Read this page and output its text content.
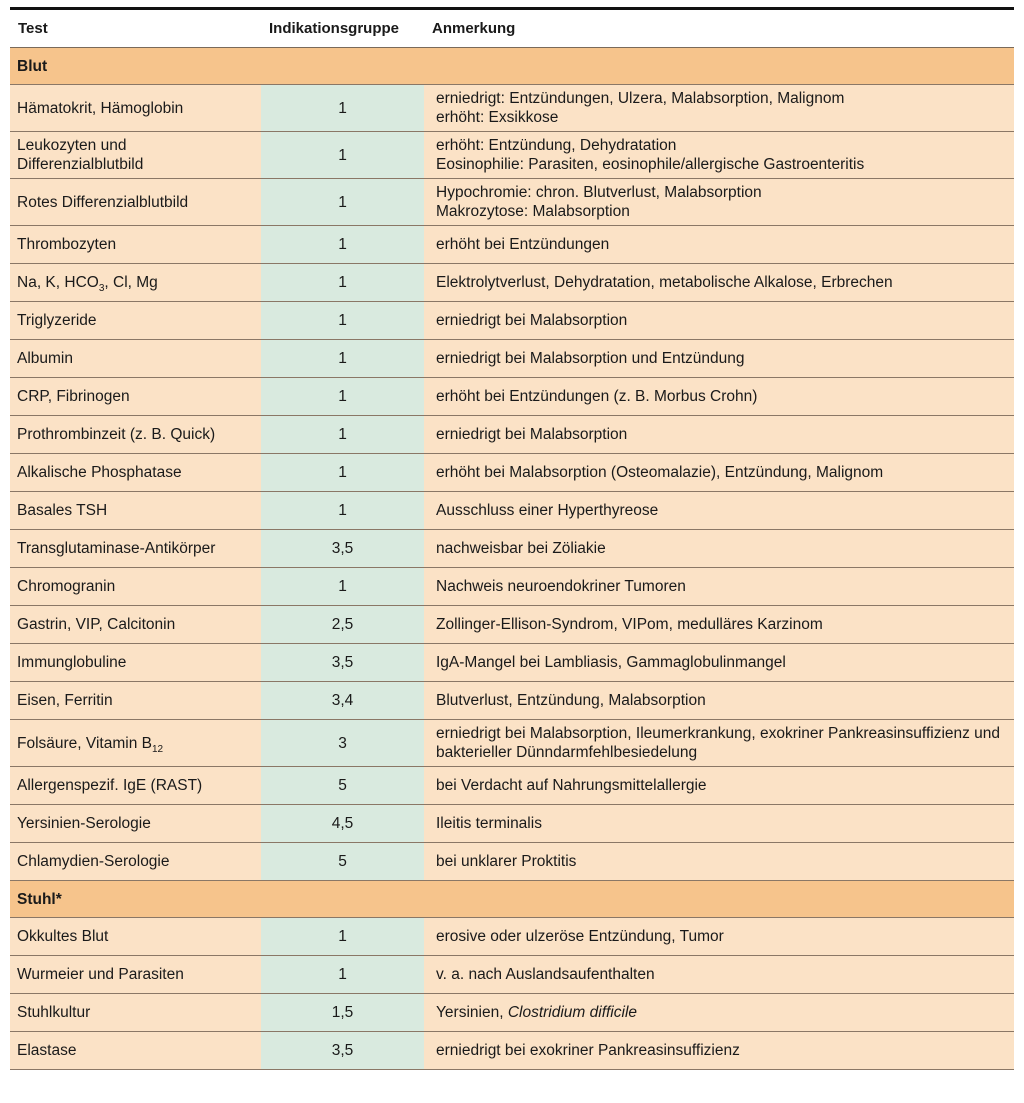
Test	Indikationsgruppe	Anmerkung
Blut		
Hämatokrit, Hämoglobin	1	erniedrigt: Entzündungen, Ulzera, Malabsorption, Malignom
erhöht: Exsikkose

Leukozyten und
Differenzialblutbild	1	erhöht: Entzündung, Dehydratation
Eosinophilie: Parasiten, eosinophile/allergische Gastroenteritis

Rotes Differenzialblutbild	1	Hypochromie: chron. Blutverlust, Malabsorption
Makrozytose: Malabsorption

Thrombozyten	1	erhöht bei Entzündungen
Na, K, $HCO_3$, Cl, Mg	1	Elektrolytverlust, Dehydratation, metabolische Alkalose, Erbrechen
Triglyzeride	1	erniedrigt bei Malabsorption
Albumin	1	erniedrigt bei Malabsorption und Entzündung
CRP, Fibrinogen	1	erhöht bei Entzündungen (z. B. Morbus Crohn)
Prothrombinzeit (z. B. Quick)	1	erniedrigt bei Malabsorption
Alkalische Phosphatase	1	erhöht bei Malabsorption (Osteomalazie), Entzündung, Malignom
Basales TSH	1	Ausschluss einer Hyperthyreose
Transglutaminase-Antikörper	3,5	nachweisbar bei Zöliakie
Chromogranin	1	Nachweis neuroendokriner Tumoren
Gastrin, VIP, Calcitonin	2,5	Zollinger-Ellison-Syndrom, VIPom, medulläres Karzinom
Immunglobuline	3,5	IgA-Mangel bei Lambliasis, Gammaglobulinmangel
Eisen, Ferritin	3,4	Blutverlust, Entzündung, Malabsorption
Folsäure, Vitamin $B_{12}$	3	erniedrigt bei Malabsorption, Ileumerkrankung, exokriner Pankreasinsuffizienz und
bakterieller Dünndarmfehlbesiedelung

Allergenspezif. IgE (RAST)	5	bei Verdacht auf Nahrungsmittelallergie
Yersinien-Serologie	4,5	Ileitis terminalis
Chlamydien-Serologie	5	bei unklarer Proktitis
Stuhl*		
Okkultes Blut	1	erosive oder ulzeröse Entzündung, Tumor
Wurmeier und Parasiten	1	v. a. nach Auslandsaufenthalten
Stuhlkultur	1,5	Yersinien, Clostridium difficile
Elastase	3,5	erniedrigt bei exokriner Pankreasinsuffizienz
